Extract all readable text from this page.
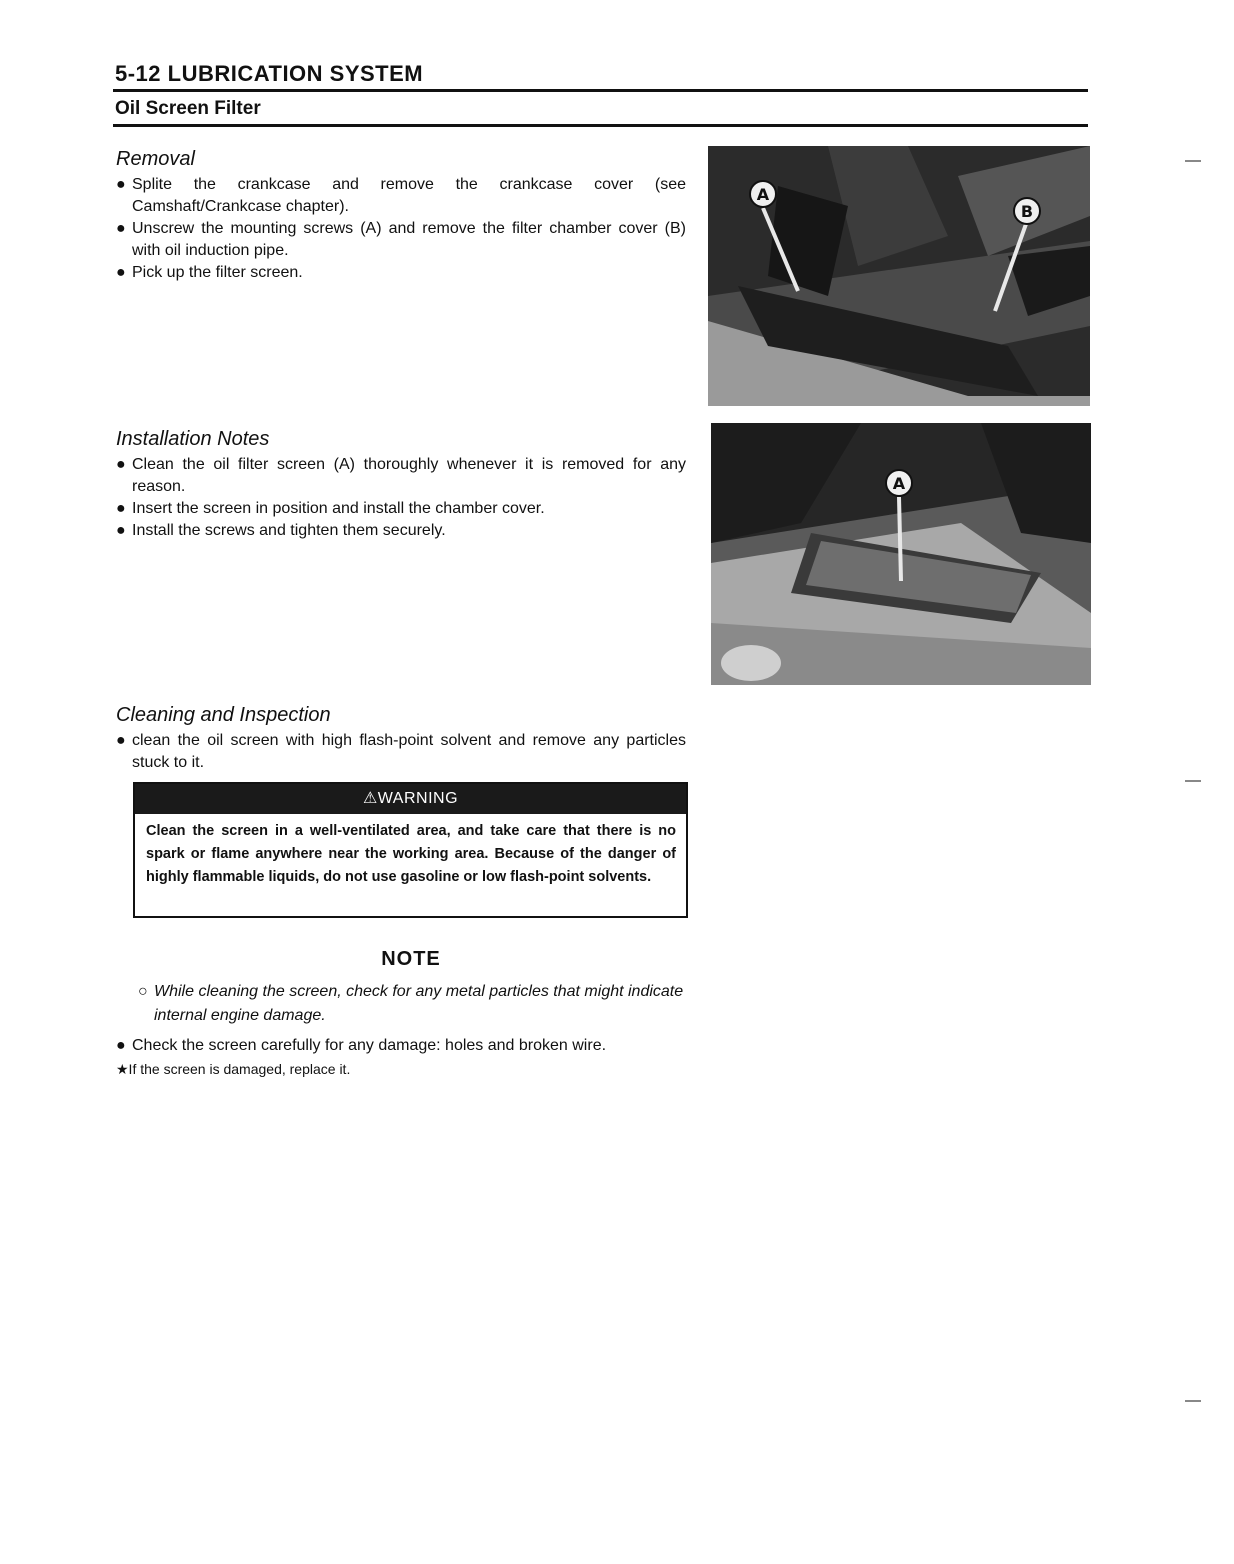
5-12 LUBRICATION SYSTEM
Oil Screen Filter
Removal

● Splite the crankcase and remove the crankcase cover (see Camshaft/Crankcase chapter).

● Unscrew the mounting screws (A) and remove the filter chamber cover (B) with oil induction pipe.

● Pick up the filter screen.

A
B
Installation Notes

● Clean the oil filter screen (A) thoroughly whenever it is removed for any reason.

● Insert the screen in position and install the chamber cover.

● Install the screws and tighten them securely.

A
Cleaning and Inspection

● clean the oil screen with high flash-point solvent and remove any particles stuck to it.

⚠WARNING
Clean the screen in a well-ventilated area, and take care that there is no spark or flame anywhere near the working area. Because of the danger of highly flammable liquids, do not use gasoline or low flash-point solvents.
NOTE
○ While cleaning the screen, check for any metal particles that might indicate internal engine damage.

● Check the screen carefully for any damage: holes and broken wire.

★If the screen is damaged, replace it.
